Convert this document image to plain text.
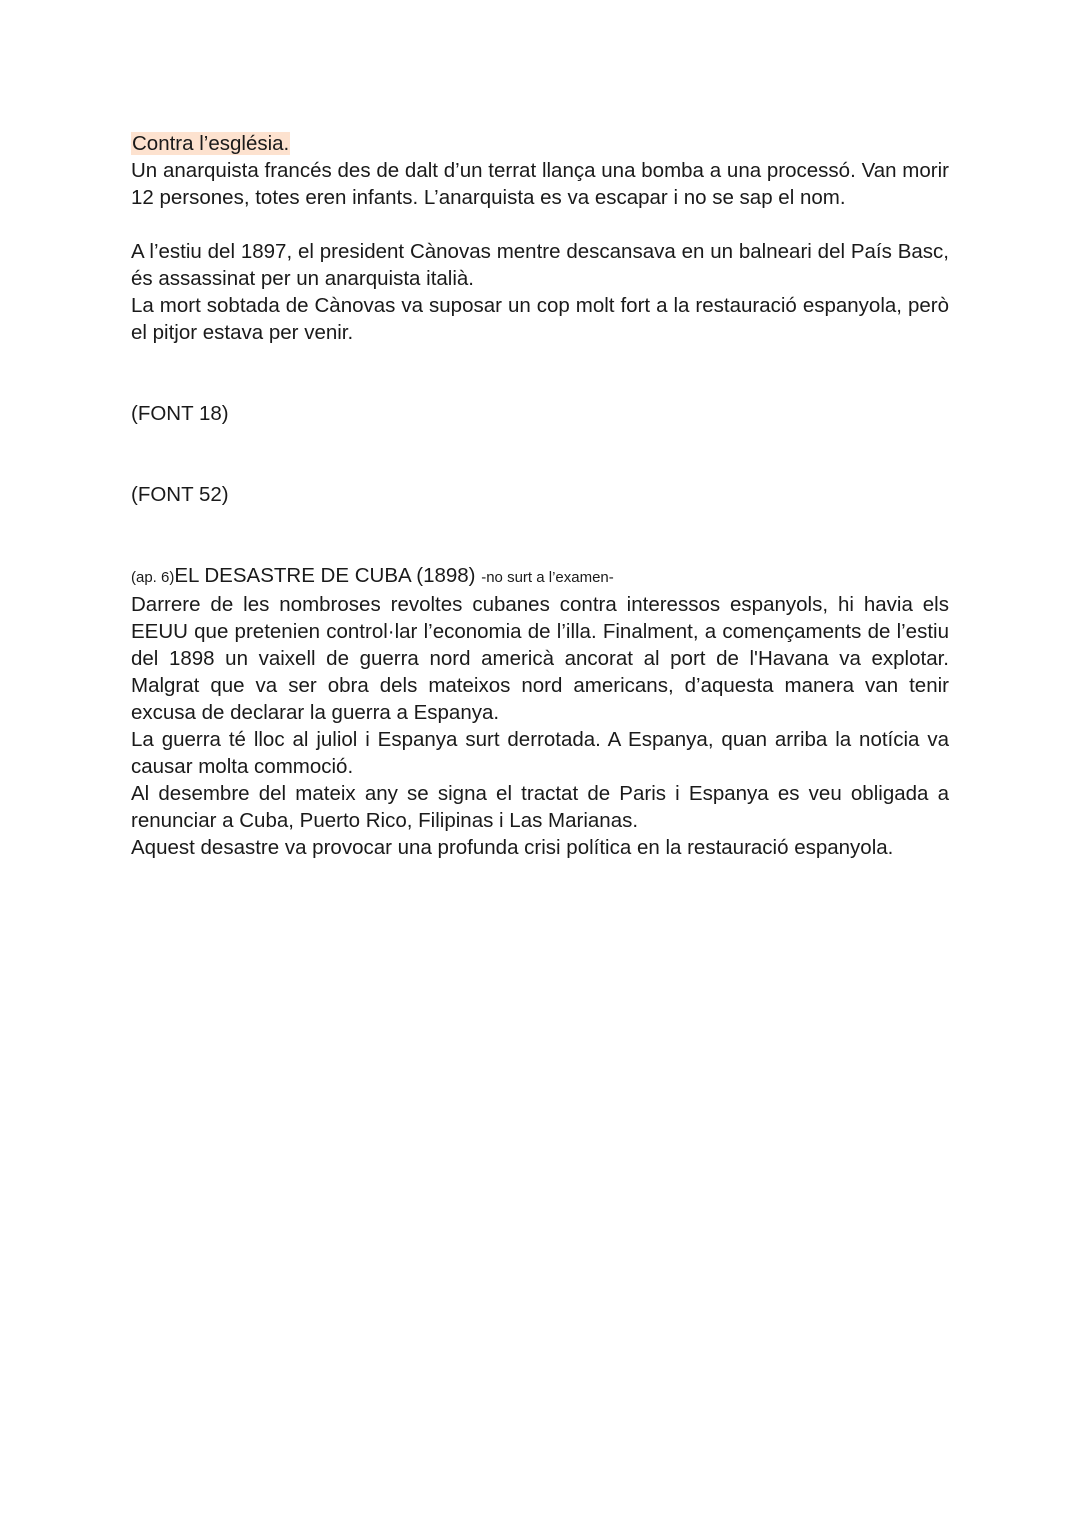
Contra l’església.
Un anarquista francés des de dalt d’un terrat llança una bomba a una processó. Van morir 12 persones, totes eren infants. L’anarquista es va escapar i no se sap el nom.

A l’estiu del 1897, el president Cànovas mentre descansava en un balneari del País Basc, és assassinat per un anarquista italià.

La mort sobtada de Cànovas va suposar un cop molt fort a la restauració espanyola, però el pitjor estava per venir.

(FONT 18)

(FONT 52)

(ap. 6)EL DESASTRE DE CUBA (1898) -no surt a l’examen-

Darrere de les nombroses revoltes cubanes contra interessos espanyols, hi havia els EEUU que pretenien control·lar l’economia de l’illa. Finalment, a començaments de l’estiu del 1898 un vaixell de guerra nord americà ancorat al port de l'Havana va explotar. Malgrat que va ser obra dels mateixos nord americans, d’aquesta manera van tenir excusa de declarar la guerra a Espanya.

La guerra té lloc al juliol i Espanya surt derrotada. A Espanya, quan arriba la notícia va causar molta commoció.

Al desembre del mateix any se signa el tractat de Paris i Espanya es veu obligada a renunciar a Cuba, Puerto Rico, Filipinas i Las Marianas.

Aquest desastre va provocar una profunda crisi política en la restauració espanyola.
